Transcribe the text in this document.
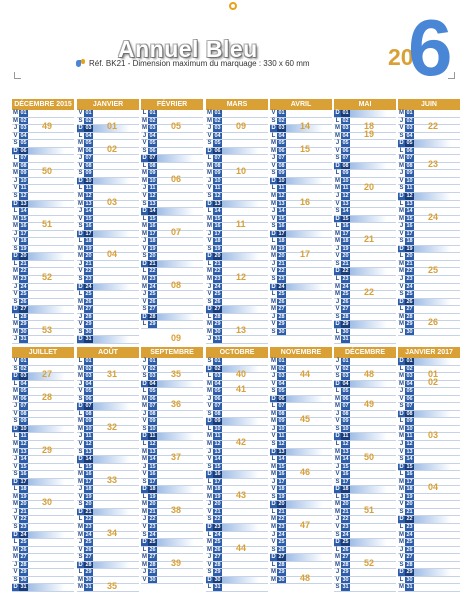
Annuel Bleu
Réf. BK21 - Dimension maximum du marquage : 330 x 60 mm	20
6
DÉCEMBRE 2015
M 01
M 02
J 03
V 04
S 05
D 06
L 07
M 08
M 09
J 10
V 11
S 12
D 13
L 14
M 15
M 16
J 17
V 18
S 19
D 20
L 21
M 22
M 23
J 24
V 25
S 26
D 27
L 28
M 29
M 30
J 31
49
50
51
52
53
JANVIER
V 01
S 02
D 03
L 04
M 05
M 06
J 07
V 08
S 09
D 10
L 11
M 12
M 13
J 14
V 15
S 16
D 17
L 18
M 19
M 20
J 21
V 22
S 23
D 24
L 25
M 26
M 27
J 28
V 29
S 30
D 31
01
02
03
04
FÉVRIER
L 01
M 02
M 03
J 04
V 05
S 06
D 07
L 08
M 09
M 10
J 11
V 12
S 13
D 14
L 15
M 16
M 17
J 18
V 19
S 20
D 21
L 22
M 23
M 24
J 25
V 26
S 27
D 28
L 29
05
06
07
08
09
MARS
M 01
M 02
J 03
V 04
S 05
D 06
L 07
M 08
M 09
J 10
V 11
S 12
D 13
L 14
M 15
M 16
J 17
V 18
S 19
D 20
L 21
M 22
M 23
J 24
V 25
S 26
D 27
L 28
M 29
M 30
J 31
09
10
11
12
13
AVRIL
V 01
S 02
D 03
L 04
M 05
M 06
J 07
V 08
S 09
D 10
L 11
M 12
M 13
J 14
V 15
S 16
D 17
L 18
M 19
M 20
J 21
V 22
S 23
D 24
L 25
M 26
M 27
J 28
V 29
S 30
14
15
16
17
MAI
D 01
L 02
M 03
M 04
J 05
V 06
S 07
D 08
L 09
M 10
M 11
J 12
V 13
S 14
D 15
L 16
M 17
M 18
J 19
V 20
S 21
D 22
L 23
M 24
M 25
J 26
V 27
S 28
D 29
L 30
M 31
18
19
20
21
22
JUIN
M 01
J 02
V 03
S 04
D 05
L 06
M 07
M 08
J 09
V 10
S 11
D 12
L 13
M 14
M 15
J 16
V 17
S 18
D 19
L 20
M 21
M 22
J 23
V 24
S 25
D 26
L 27
M 28
M 29
J 30
22
23
24
25
26
JUILLET
V 01
S 02
D 03
L 04
M 05
M 06
J 07
V 08
S 09
D 10
L 11
M 12
M 13
J 14
V 15
S 16
D 17
L 18
M 19
M 20
J 21
V 22
S 23
D 24
L 25
M 26
M 27
J 28
V 29
S 30
D 31
27
28
29
30
AOÛT
L 01
M 02
M 03
J 04
V 05
S 06
D 07
L 08
M 09
M 10
J 11
V 12
S 13
D 14
L 15
M 16
M 17
J 18
V 19
S 20
D 21
L 22
M 23
M 24
J 25
V 26
S 27
D 28
L 29
M 30
M 31
31
32
33
34
35
SEPTEMBRE
J 01
V 02
S 03
D 04
L 05
M 06
M 07
J 08
V 09
S 10
D 11
L 12
M 13
M 14
J 15
V 16
S 17
D 18
L 19
M 20
M 21
J 22
V 23
S 24
D 25
L 26
M 27
M 28
J 29
V 30
35
36
37
38
39
OCTOBRE
S 01
D 02
L 03
M 04
M 05
J 06
V 07
S 08
D 09
L 10
M 11
M 12
J 13
V 14
S 15
D 16
L 17
M 18
M 19
J 20
V 21
S 22
D 23
L 24
M 25
M 26
J 27
V 28
S 29
D 30
L 31
40
41
42
43
44
NOVEMBRE
M 01
M 02
J 03
V 04
S 05
D 06
L 07
M 08
M 09
J 10
V 11
S 12
D 13
L 14
M 15
M 16
J 17
V 18
S 19
D 20
L 21
M 22
M 23
J 24
V 25
S 26
D 27
L 28
M 29
M 30
44
45
46
47
48
DÉCEMBRE
J 01
V 02
S 03
D 04
L 05
M 06
M 07
J 08
V 09
S 10
D 11
L 12
M 13
M 14
J 15
V 16
S 17
D 18
L 19
M 20
M 21
J 22
V 23
S 24
D 25
L 26
M 27
M 28
J 29
V 30
S 31
48
49
50
51
52
JANVIER 2017
D 01
L 02
M 03
M 04
J 05
V 06
S 07
D 08
L 09
M 10
M 11
J 12
V 13
S 14
D 15
L 16
M 17
M 18
J 19
V 20
S 21
D 22
L 23
M 24
M 25
J 26
V 27
S 28
D 29
L 30
M 31
01
02
03
04
